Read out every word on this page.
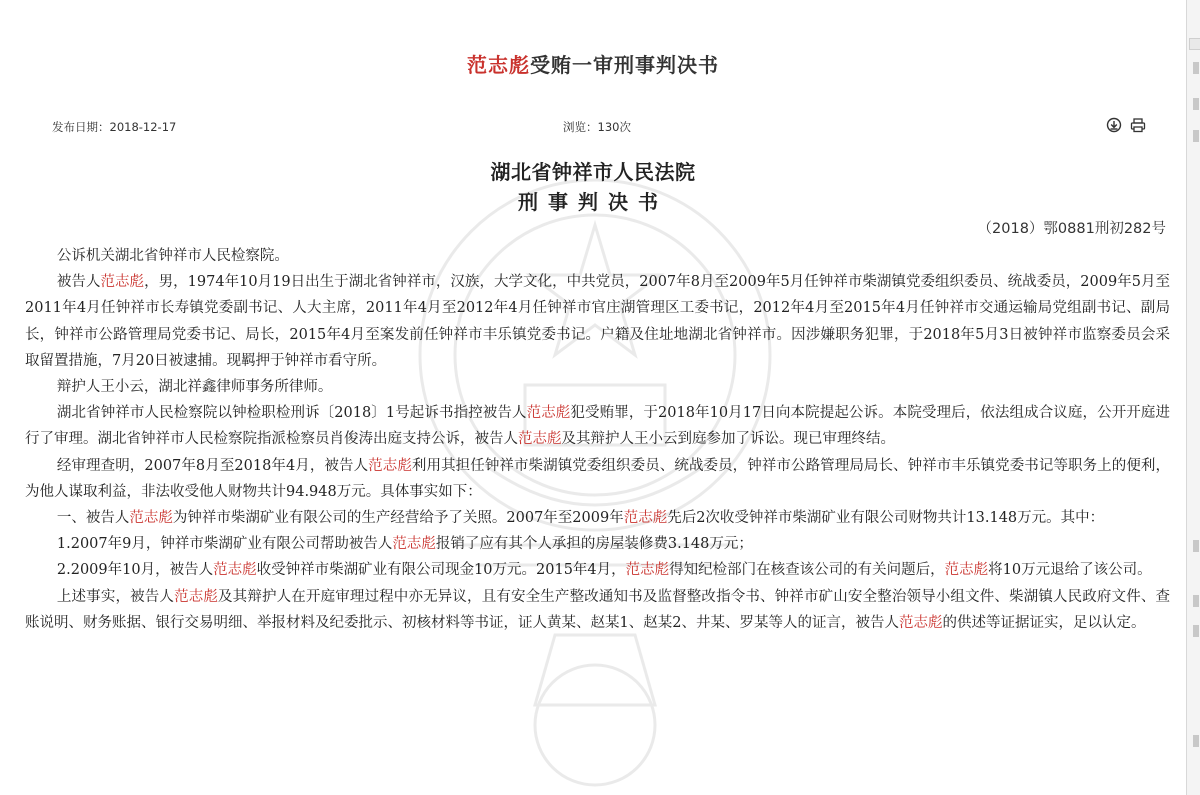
范志彪受贿一审刑事判决书
发布日期：2018-12-17	浏览：130次
湖北省钟祥市人民法院
刑事判决书
（2018）鄂0881刑初282号

公诉机关湖北省钟祥市人民检察院。

被告人范志彪，男，1974年10月19日出生于湖北省钟祥市，汉族，大学文化，中共党员，2007年8月至2009年5月任钟祥市柴湖镇党委组织委员、统战委员，2009年5月至2011年4月任钟祥市长寿镇党委副书记、人大主席，2011年4月至2012年4月任钟祥市官庄湖管理区工委书记，2012年4月至2015年4月任钟祥市交通运输局党组副书记、副局长，钟祥市公路管理局党委书记、局长，2015年4月至案发前任钟祥市丰乐镇党委书记。户籍及住址地湖北省钟祥市。因涉嫌职务犯罪，于2018年5月3日被钟祥市监察委员会采取留置措施，7月20日被逮捕。现羁押于钟祥市看守所。

辩护人王小云，湖北祥鑫律师事务所律师。

湖北省钟祥市人民检察院以钟检职检刑诉〔2018〕1号起诉书指控被告人范志彪犯受贿罪，于2018年10月17日向本院提起公诉。本院受理后，依法组成合议庭，公开开庭进行了审理。湖北省钟祥市人民检察院指派检察员肖俊涛出庭支持公诉，被告人范志彪及其辩护人王小云到庭参加了诉讼。现已审理终结。

经审理查明，2007年8月至2018年4月，被告人范志彪利用其担任钟祥市柴湖镇党委组织委员、统战委员，钟祥市公路管理局局长、钟祥市丰乐镇党委书记等职务上的便利，为他人谋取利益，非法收受他人财物共计94.948万元。具体事实如下：

一、被告人范志彪为钟祥市柴湖矿业有限公司的生产经营给予了关照。2007年至2009年范志彪先后2次收受钟祥市柴湖矿业有限公司财物共计13.148万元。其中：

1.2007年9月，钟祥市柴湖矿业有限公司帮助被告人范志彪报销了应有其个人承担的房屋装修费3.148万元；

2.2009年10月，被告人范志彪收受钟祥市柴湖矿业有限公司现金10万元。2015年4月，范志彪得知纪检部门在核查该公司的有关问题后，范志彪将10万元退给了该公司。

上述事实，被告人范志彪及其辩护人在开庭审理过程中亦无异议，且有安全生产整改通知书及监督整改指令书、钟祥市矿山安全整治领导小组文件、柴湖镇人民政府文件、查账说明、财务账据、银行交易明细、举报材料及纪委批示、初核材料等书证，证人黄某、赵某1、赵某2、井某、罗某等人的证言，被告人范志彪的供述等证据证实，足以认定。
